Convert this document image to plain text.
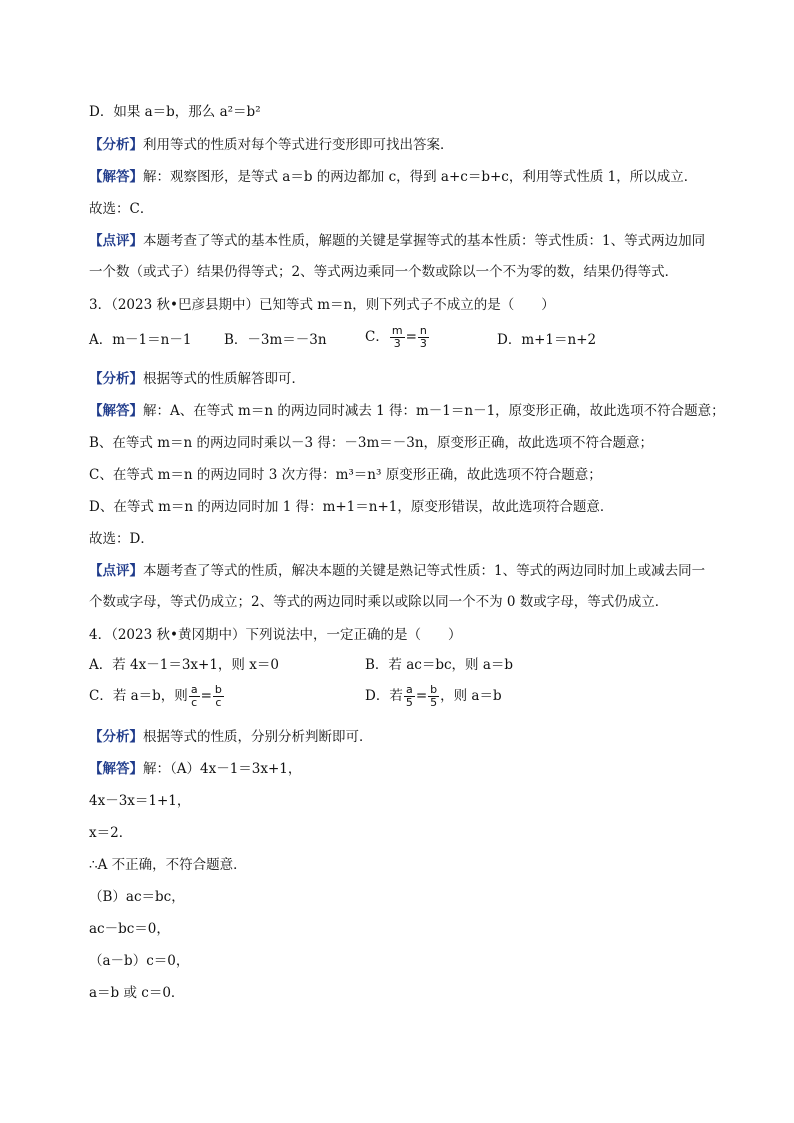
D．如果 a＝b，那么 a²＝b²
【分析】利用等式的性质对每个等式进行变形即可找出答案．
【解答】解：观察图形，是等式 a＝b 的两边都加 c，得到 a+c＝b+c，利用等式性质 1，所以成立．
故选：C．
【点评】本题考查了等式的基本性质，解题的关键是掌握等式的基本性质：等式性质：1、等式两边加同
一个数（或式子）结果仍得等式；2、等式两边乘同一个数或除以一个不为零的数，结果仍得等式．
3．（2023 秋•巴彦县期中）已知等式 m＝n，则下列式子不成立的是（　　）
A．m－1＝n－1 B．－3m＝－3n	C． $\frac{m}{3} = \frac{n}{3}$	D．m+1＝n+2
【分析】根据等式的性质解答即可．
【解答】解：A、在等式 m＝n 的两边同时减去 1 得：m－1＝n－1，原变形正确，故此选项不符合题意；
B、在等式 m＝n 的两边同时乘以－3 得：－3m＝－3n，原变形正确，故此选项不符合题意；
C、在等式 m＝n 的两边同时 3 次方得：m³＝n³ 原变形正确，故此选项不符合题意；
D、在等式 m＝n 的两边同时加 1 得：m+1＝n+1，原变形错误，故此选项符合题意．
故选：D．
【点评】本题考查了等式的性质，解决本题的关键是熟记等式性质：1、等式的两边同时加上或减去同一
个数或字母，等式仍成立；2、等式的两边同时乘以或除以同一个不为 0 数或字母，等式仍成立．
4．（2023 秋•黄冈期中）下列说法中，一定正确的是（　　）
A．若 4x－1＝3x+1，则 x＝0	B．若 ac＝bc，则 a＝b
C．若 a＝b，则 $\frac{a}{c} = \frac{b}{c}$	D．若 $\frac{a}{5} = \frac{b}{5}$ ，则 a＝b
【分析】根据等式的性质，分别分析判断即可．
【解答】解：（A）4x－1＝3x+1，
4x－3x＝1+1，
x＝2．
∴A 不正确，不符合题意．
（B）ac＝bc，
ac－bc＝0，
（a－b）c＝0，
a＝b 或 c＝0．
